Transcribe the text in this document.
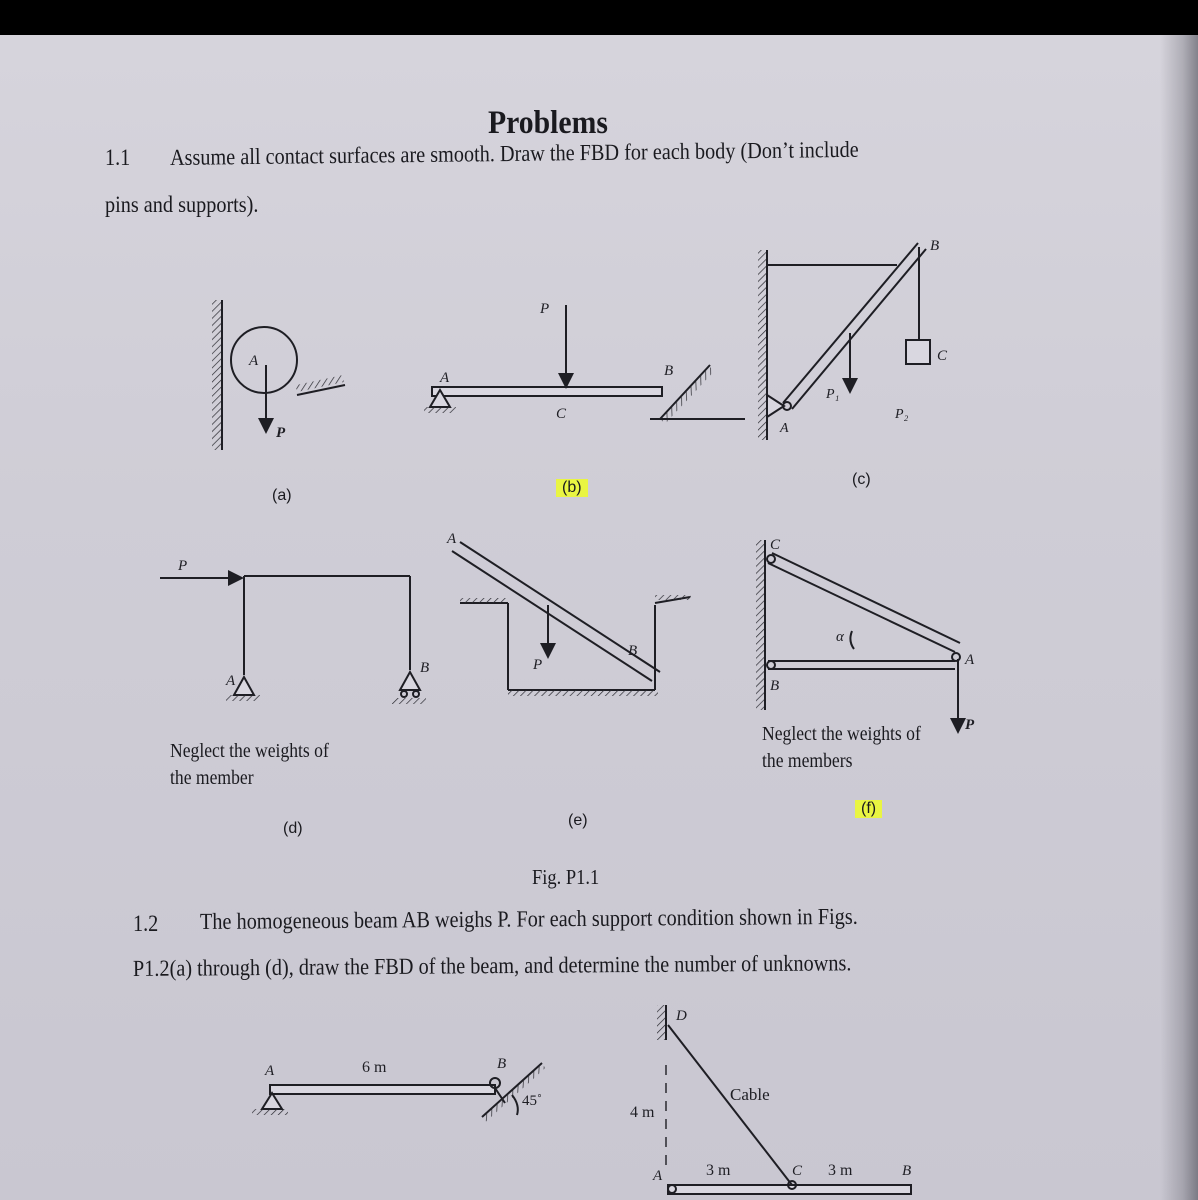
Problems
1.1 Assume all contact surfaces are smooth. Draw the FBD for each body (Don’t include
pins and supports).
(a)	(b)	(c)
(d)	(e)
(f)
Neglect the weights of
the member
Neglect the weights of
the members
Fig. P1.1
1.2 The homogeneous beam AB weighs P. For each support condition shown in Figs.
P1.2(a) through (d), draw the FBD of the beam, and determine the number of unknowns.
A
P
A
P
C
B
B
C
A
P₁
P₂
P
A
B
A
P
B
C
B
A
α
P
A	6 m	B
45˚
D
4 m
Cable
A	3 m	C 3 m	B
